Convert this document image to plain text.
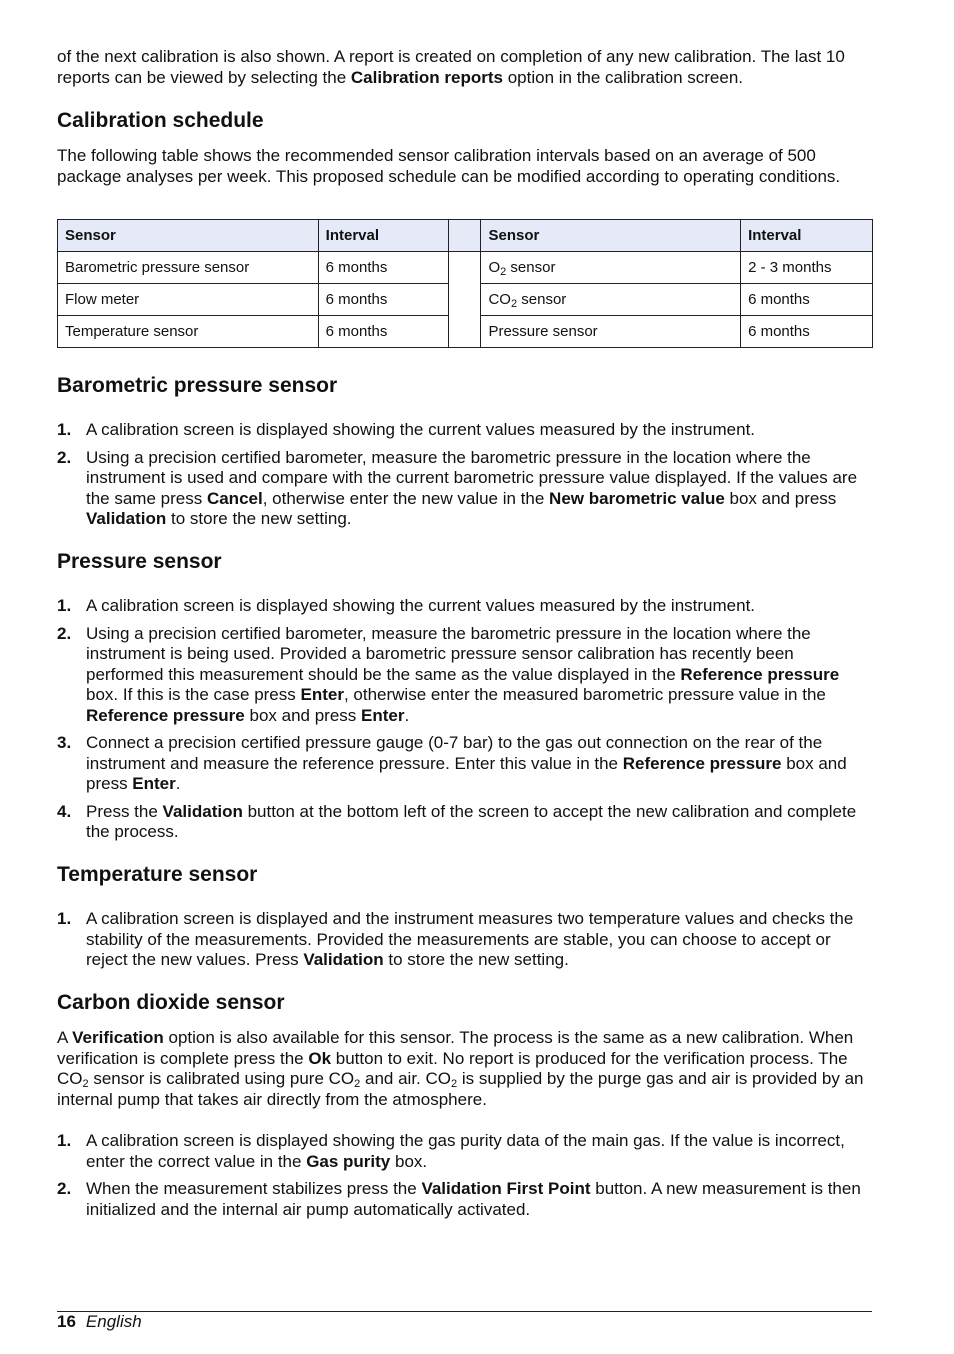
of the next calibration is also shown. A report is created on completion of any new calibration. The last 10 reports can be viewed by selecting the Calibration reports option in the calibration screen.

Calibration schedule

The following table shows the recommended sensor calibration intervals based on an average of 500 package analyses per week. This proposed schedule can be modified according to operating conditions.

Sensor	Interval		Sensor	Interval
Barometric pressure sensor	6 months		$O_2$ sensor	2 - 3 months
Flow meter	6 months		$CO_2$ sensor	6 months
Temperature sensor	6 months		Pressure sensor	6 months
Barometric pressure sensor
1. A calibration screen is displayed showing the current values measured by the instrument.
2. Using a precision certified barometer, measure the barometric pressure in the location where the instrument is used and compare with the current barometric pressure value displayed. If the values are the same press Cancel, otherwise enter the new value in the New barometric value box and press Validation to store the new setting.
Pressure sensor
1. A calibration screen is displayed showing the current values measured by the instrument.
2. Using a precision certified barometer, measure the barometric pressure in the location where the instrument is being used. Provided a barometric pressure sensor calibration has recently been performed this measurement should be the same as the value displayed in the Reference pressure box. If this is the case press Enter, otherwise enter the measured barometric pressure value in the Reference pressure box and press Enter.
3. Connect a precision certified pressure gauge (0-7 bar) to the gas out connection on the rear of the instrument and measure the reference pressure. Enter this value in the Reference pressure box and press Enter.
4. Press the Validation button at the bottom left of the screen to accept the new calibration and complete the process.
Temperature sensor
1. A calibration screen is displayed and the instrument measures two temperature values and checks the stability of the measurements. Provided the measurements are stable, you can choose to accept or reject the new values. Press Validation to store the new setting.
Carbon dioxide sensor

A Verification option is also available for this sensor. The process is the same as a new calibration. When verification is complete press the Ok button to exit. No report is produced for the verification process. The $CO_2$ sensor is calibrated using pure $CO_2$ and air. $CO_2$ is supplied by the purge gas and air is provided by an internal pump that takes air directly from the atmosphere.

1. A calibration screen is displayed showing the gas purity data of the main gas. If the value is incorrect, enter the correct value in the Gas purity box.
2. When the measurement stabilizes press the Validation First Point button. A new measurement is then initialized and the internal air pump automatically activated.
16 English
